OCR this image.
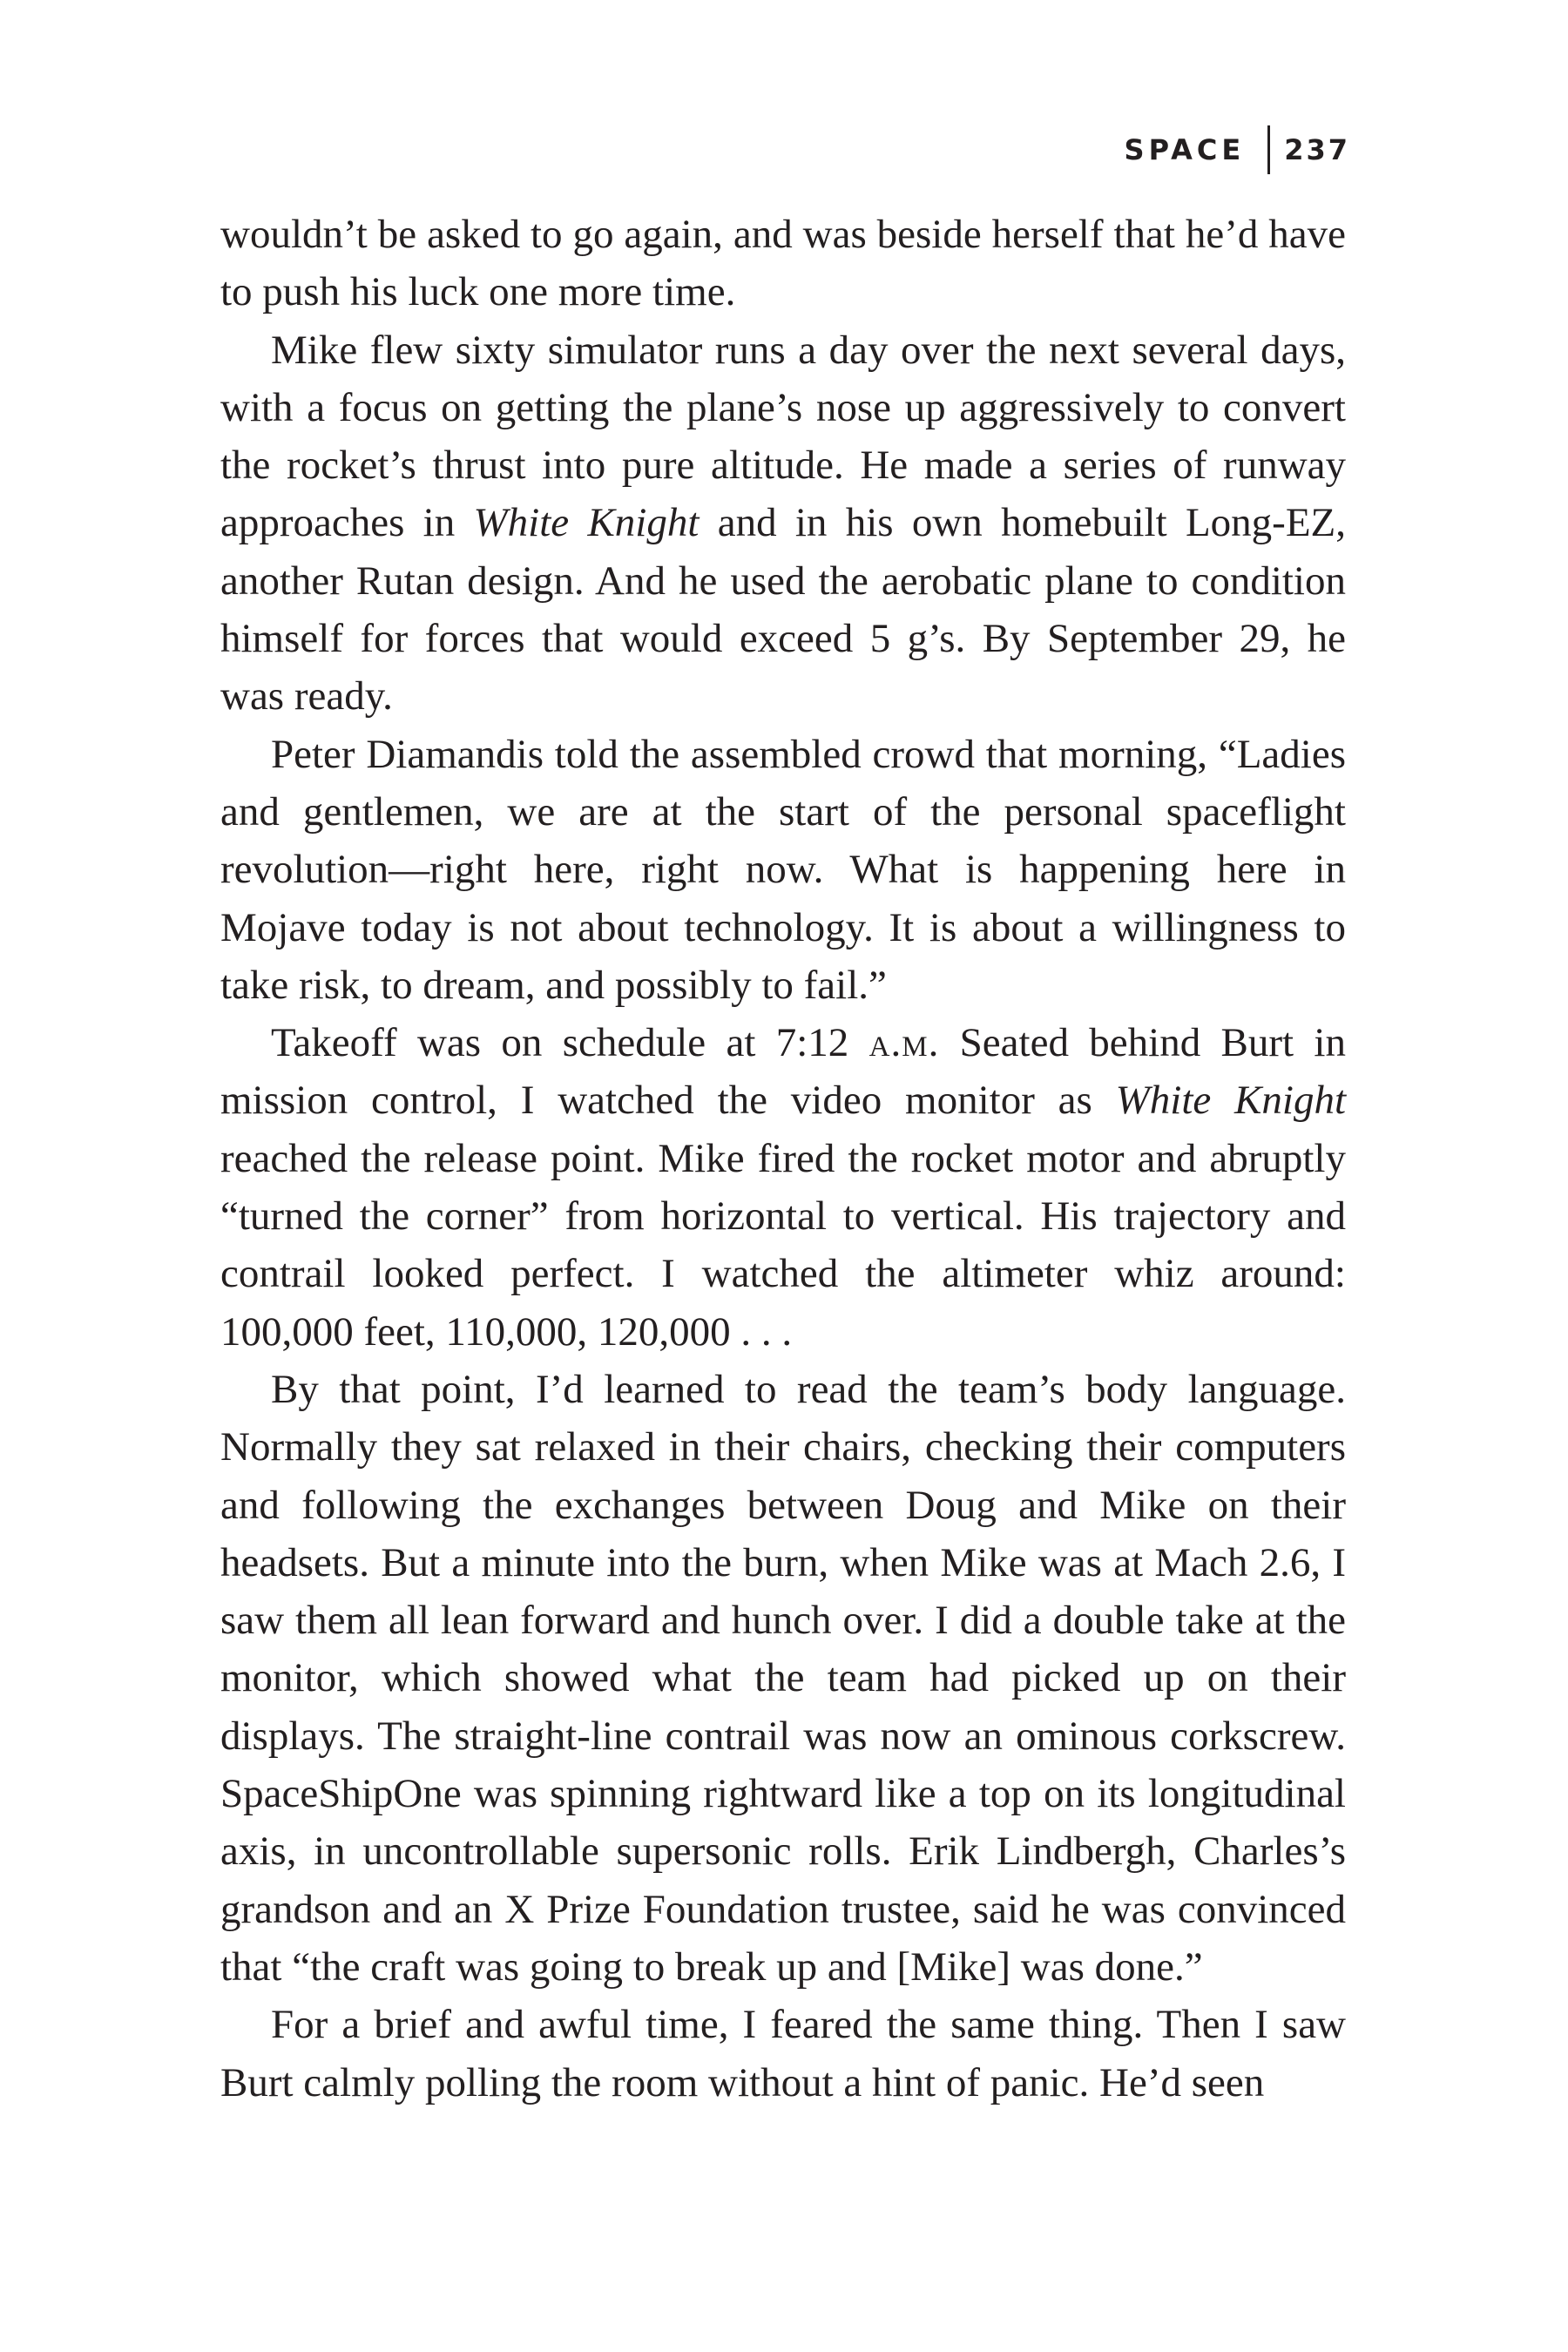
SPACE	237

wouldn’t be asked to go again, and was beside herself that he’d have to push his luck one more time.

Mike flew sixty simulator runs a day over the next several days, with a focus on getting the plane’s nose up aggressively to convert the rocket’s thrust into pure altitude. He made a series of runway approaches in White Knight and in his own homebuilt Long-EZ, another Rutan design. And he used the aerobatic plane to condition himself for forces that would exceed 5 g’s. By September 29, he was ready.

Peter Diamandis told the assembled crowd that morning, “Ladies and gentlemen, we are at the start of the personal spaceflight revolution—right here, right now. What is happening here in Mojave today is not about technology. It is about a willingness to take risk, to dream, and possibly to fail.”

Takeoff was on schedule at 7:12 a.m. Seated behind Burt in mission control, I watched the video monitor as White Knight reached the release point. Mike fired the rocket motor and abruptly “turned the corner” from horizontal to vertical. His trajectory and contrail looked perfect. I watched the altimeter whiz around: 100,000 feet, 110,000, 120,000 . . .

By that point, I’d learned to read the team’s body language. Normally they sat relaxed in their chairs, checking their computers and following the exchanges between Doug and Mike on their headsets. But a minute into the burn, when Mike was at Mach 2.6, I saw them all lean forward and hunch over. I did a double take at the monitor, which showed what the team had picked up on their displays. The straight-line contrail was now an ominous corkscrew. SpaceShipOne was spinning rightward like a top on its longitudinal axis, in uncontrollable supersonic rolls. Erik Lindbergh, Charles’s grandson and an X Prize Foundation trustee, said he was convinced that “the craft was going to break up and [Mike] was done.”

For a brief and awful time, I feared the same thing. Then I saw Burt calmly polling the room without a hint of panic. He’d seen
